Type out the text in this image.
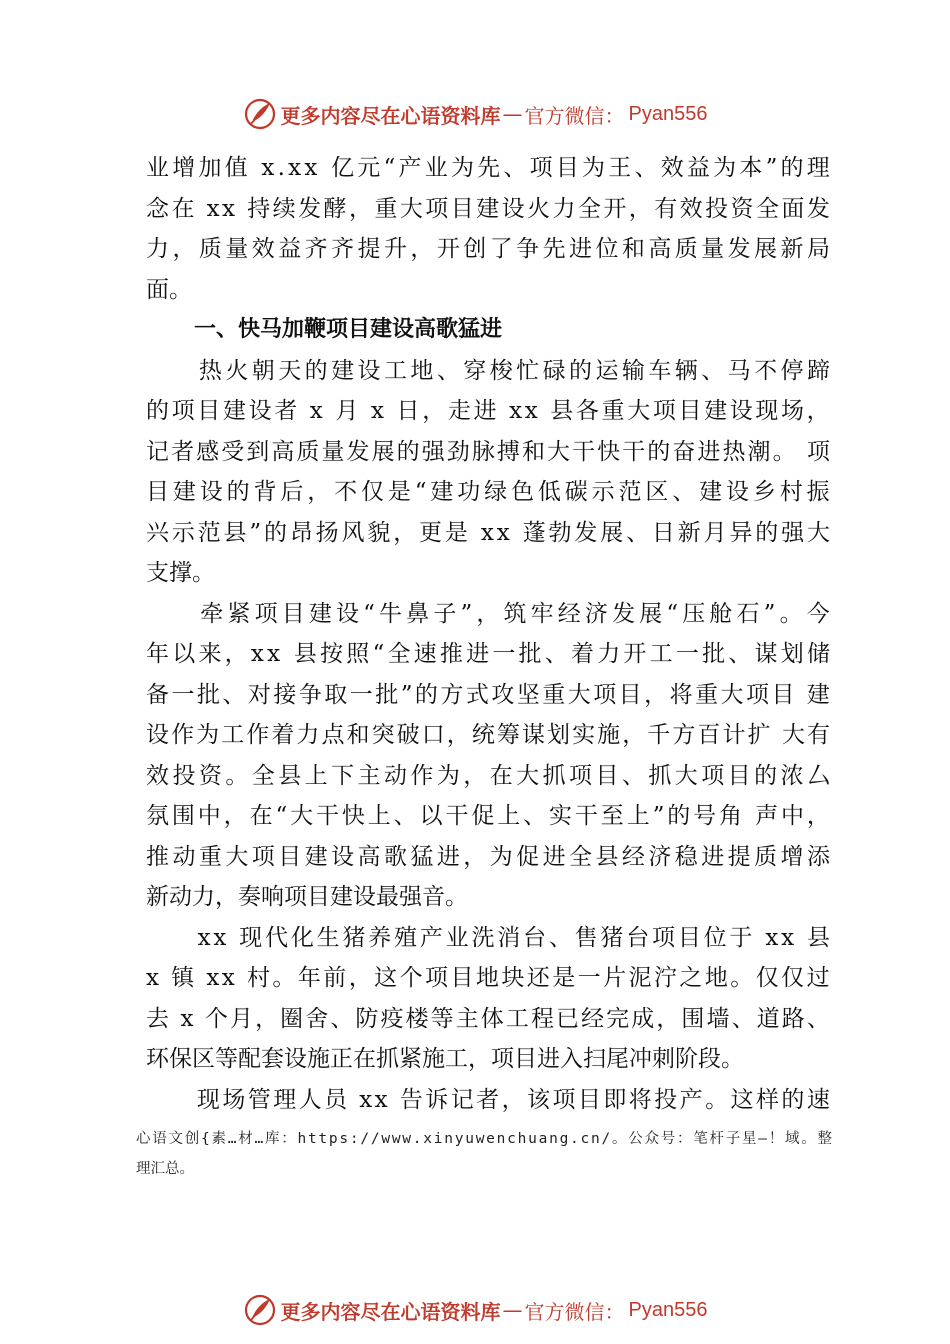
更多内容尽在心语资料库 — 官方微信： Pyan556
业 增 加 值
x . x x
亿 元 “ 产 业 为 先 、 项 目 为 王 、 效 益 为 本 ” 的 理
念 在
x x
持 续 发 酵 ， 重 大 项 目 建 设 火 力 全 开 ， 有 效 投 资 全 面 发
力 ， 质 量 效 益 齐 齐 提 升 ， 开 创 了 争 先 进 位 和 高 质 量 发 展 新 局
面。
一、快马加鞭项目建设高歌猛进

热 火 朝 天 的 建 设 工 地 、 穿 梭 忙 碌 的 运 输 车 辆 、 马 不 停 蹄
的 项 目 建 设 者
x
月
x
日 ， 走 进
x x
县 各 重 大 项 目 建 设 现 场 ，
记 者 感 受 到 高 质 量 发 展 的 强 劲 脉 搏 和 大 干 快 干 的 奋 进 热 潮 。
项
目 建 设 的 背 后 ， 不 仅 是 “ 建 功 绿 色 低 碳 示 范 区 、 建 设 乡 村 振
兴 示 范 县 ” 的 昂 扬 风 貌 ， 更 是
x x
蓬 勃 发 展 、 日 新 月 异 的 强 大
支撑。

牵 紧 项 目 建 设 “ 牛 鼻 子 ” ， 筑 牢 经 济 发 展 “ 压 舱 石 ” 。 今
年 以 来 ， x x
县 按 照 “ 全 速 推 进 一 批 、 着 力 开 工 一 批 、 谋 划 储
备 一 批 、 对 接 争 取 一 批 ” 的 方 式 攻 坚 重 大 项 目 ， 将 重 大 项 目
建
设 作 为 工 作 着 力 点 和 突 破 口 ， 统 筹 谋 划 实 施 ， 千 方 百 计 扩
大 有
效 投 资 。 全 县 上 下 主 动 作 为 ， 在 大 抓 项 目 、 抓 大 项 目 的 浓 厶
氛 围 中 ， 在 “ 大 干 快 上 、 以 干 促 上 、 实 干 至 上 ” 的 号 角
声 中 ，
推 动 重 大 项 目 建 设 高 歌 猛 进 ， 为 促 进 全 县 经 济 稳 进 提 质 增 添
新动力，奏响项目建设最强音。

x x
现 代 化 生 猪 养 殖 产 业 洗 消 台 、 售 猪 台 项 目 位 于
x x
县
x
镇
x x
村 。 年 前 ， 这 个 项 目 地 块 还 是 一 片 泥 泞 之 地 。 仅 仅 过
去
x
个 月 ， 圈 舍 、 防 疫 楼 等 主 体 工 程 已 经 完 成 ， 围 墙 、 道 路 、
环保区等配套设施正在抓紧施工，项目进入扫尾冲刺阶段。

现 场 管 理 人 员
x x
告 诉 记 者 ， 该 项 目 即 将 投 产 。 这 样 的 速
心 语 文 创 { 素 … 材 … 库 ： h t t p s : / / w w w . x i n y u w e n c h u a n g . c n / 。 公 众 号 ： 笔 杆 子 星 — ！ 域 。 整
理汇总。
更多内容尽在心语资料库 — 官方微信： Pyan556
